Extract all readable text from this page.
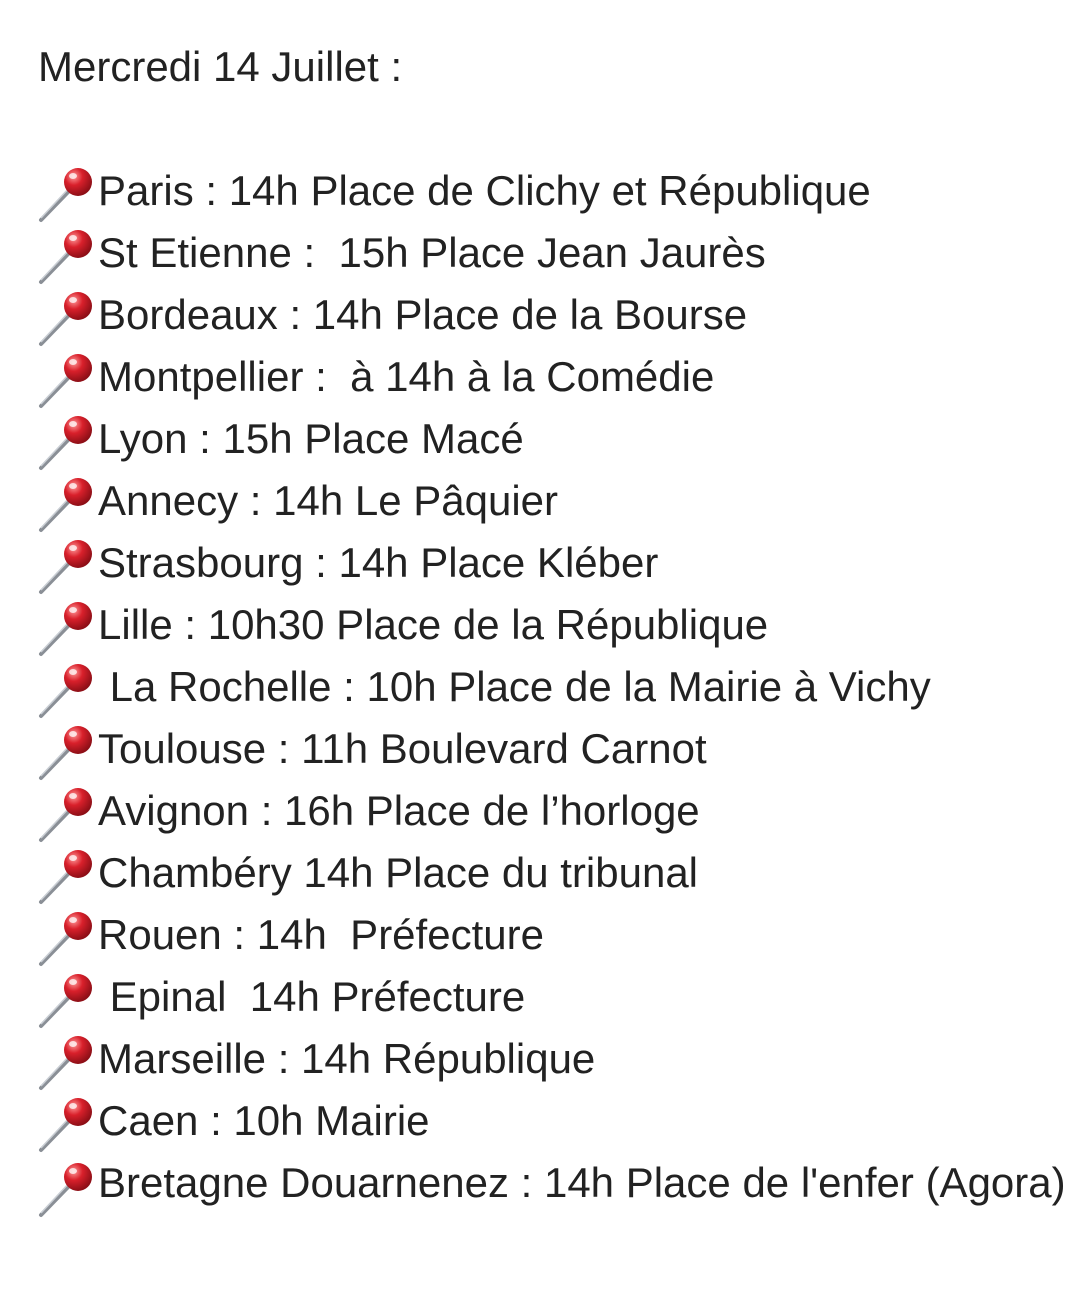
Mercredi 14 Juillet :
Paris : 14h Place de Clichy et République
St Etienne :  15h Place Jean Jaurès
Bordeaux : 14h Place de la Bourse
Montpellier :  à 14h à la Comédie
Lyon : 15h Place Macé
Annecy : 14h Le Pâquier
Strasbourg : 14h Place Kléber
Lille : 10h30 Place de la République
La Rochelle : 10h Place de la Mairie à Vichy
Toulouse : 11h Boulevard Carnot
Avignon : 16h Place de l’horloge
Chambéry 14h Place du tribunal
Rouen : 14h  Préfecture
Epinal  14h Préfecture
Marseille : 14h République
Caen : 10h Mairie
Bretagne Douarnenez : 14h Place de l'enfer (Agora)
